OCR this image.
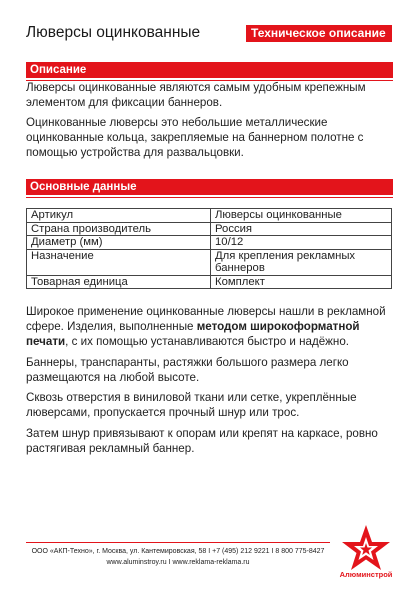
Люверсы оцинкованные	Техническое описание
Описание

Люверсы оцинкованные являются самым удобным крепежным элементом для фиксации баннеров.

Оцинкованные люверсы это небольшие металлические оцинкованные кольца, закрепляемые на баннерном полотне с помощью устройства для развальцовки.

Основные данные
Артикул	Люверсы оцинкованные
Страна производитель	Россия
Диаметр (мм)	10/12
Назначение	Для крепления рекламных баннеров
Товарная единица	Комплект

Широкое применение оцинкованные люверсы нашли в рекламной сфере. Изделия, выполненные методом широкоформатной печати, с их помощью устанавливаются быстро и надёжно.

Баннеры, транспаранты, растяжки большого размера легко размещаются на любой высоте.

Сквозь отверстия в виниловой ткани или сетке, укреплённые люверсами, пропускается прочный шнур или трос.

Затем шнур привязывают к опорам или крепят на каркасе, ровно растягивая рекламный баннер.

ООО «АКП-Техно», г. Москва, ул. Кантемировская, 58 I +7 (495) 212 9221 I 8 800 775-8427
www.aluminstroy.ru I www.reklama-reklama.ru
Алюминстрой
